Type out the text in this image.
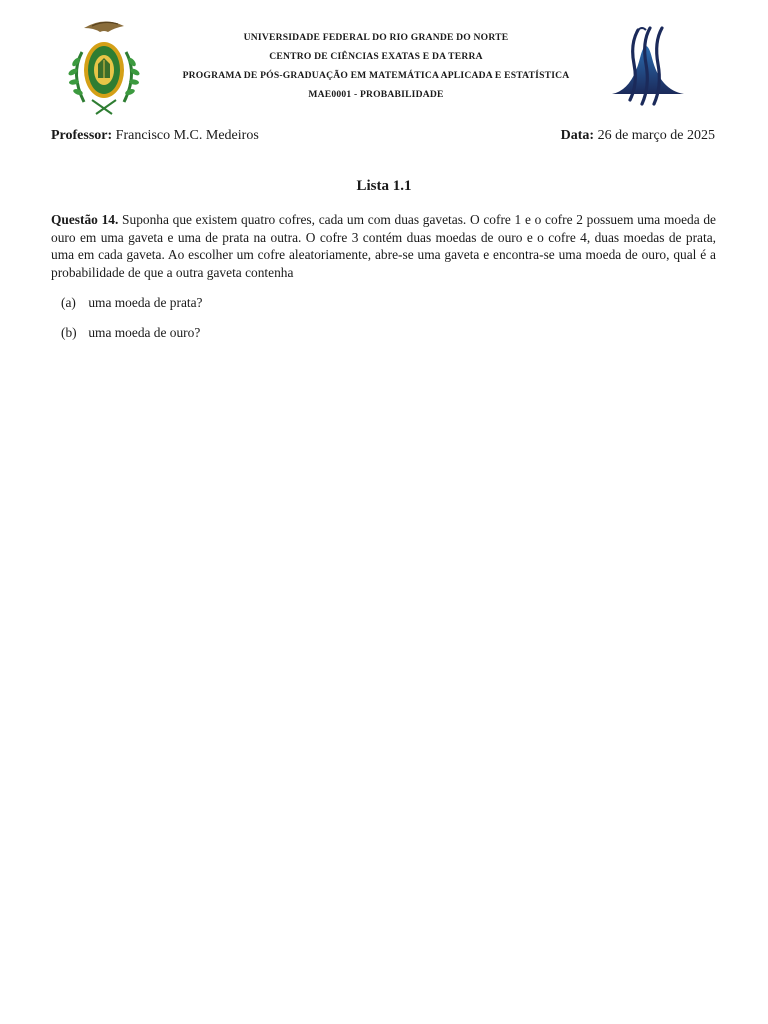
UNIVERSIDADE FEDERAL DO RIO GRANDE DO NORTE
CENTRO DE CIÊNCIAS EXATAS E DA TERRA
PROGRAMA DE PÓS-GRADUAÇÃO EM MATEMÁTICA APLICADA E ESTATÍSTICA
MAE0001 - PROBABILIDADE
Professor: Francisco M.C. Medeiros	Data: 26 de março de 2025
Lista 1.1
Questão 14. Suponha que existem quatro cofres, cada um com duas gavetas. O cofre 1 e o cofre 2 possuem uma moeda de ouro em uma gaveta e uma de prata na outra. O cofre 3 contém duas moedas de ouro e o cofre 4, duas moedas de prata, uma em cada gaveta. Ao escolher um cofre aleatoriamente, abre-se uma gaveta e encontra-se uma moeda de ouro, qual é a probabilidade de que a outra gaveta contenha
(a) uma moeda de prata?
(b) uma moeda de ouro?
